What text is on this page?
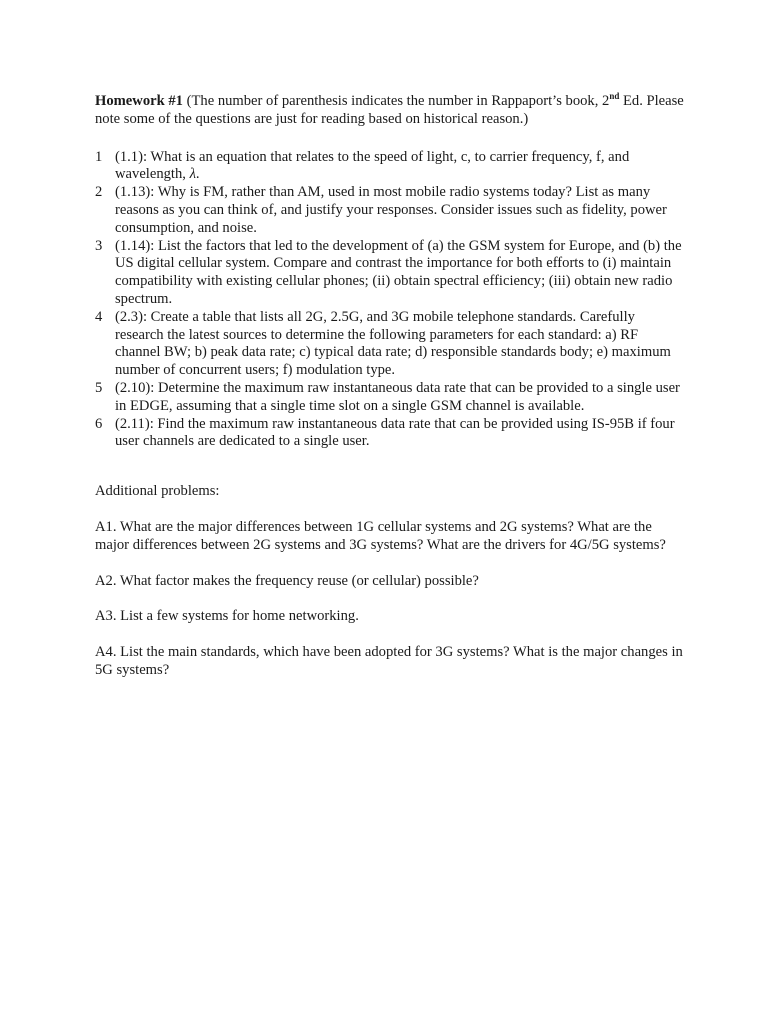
Homework #1 (The number of parenthesis indicates the number in Rappaport’s book, 2nd Ed. Please note some of the questions are just for reading based on historical reason.)

1 (1.1): What is an equation that relates to the speed of light, c, to carrier frequency, f, and wavelength, λ.
2 (1.13): Why is FM, rather than AM, used in most mobile radio systems today? List as many reasons as you can think of, and justify your responses. Consider issues such as fidelity, power consumption, and noise.
3 (1.14): List the factors that led to the development of (a) the GSM system for Europe, and (b) the US digital cellular system. Compare and contrast the importance for both efforts to (i) maintain compatibility with existing cellular phones; (ii) obtain spectral efficiency; (iii) obtain new radio spectrum.
4 (2.3): Create a table that lists all 2G, 2.5G, and 3G mobile telephone standards. Carefully research the latest sources to determine the following parameters for each standard: a) RF channel BW; b) peak data rate; c) typical data rate; d) responsible standards body; e) maximum number of concurrent users; f) modulation type.
5 (2.10): Determine the maximum raw instantaneous data rate that can be provided to a single user in EDGE, assuming that a single time slot on a single GSM channel is available.
6 (2.11): Find the maximum raw instantaneous data rate that can be provided using IS-95B if four user channels are dedicated to a single user.

Additional problems:

A1. What are the major differences between 1G cellular systems and 2G systems? What are the major differences between 2G systems and 3G systems? What are the drivers for 4G/5G systems?

A2. What factor makes the frequency reuse (or cellular) possible?

A3. List a few systems for home networking.

A4. List the main standards, which have been adopted for 3G systems? What is the major changes in 5G systems?
